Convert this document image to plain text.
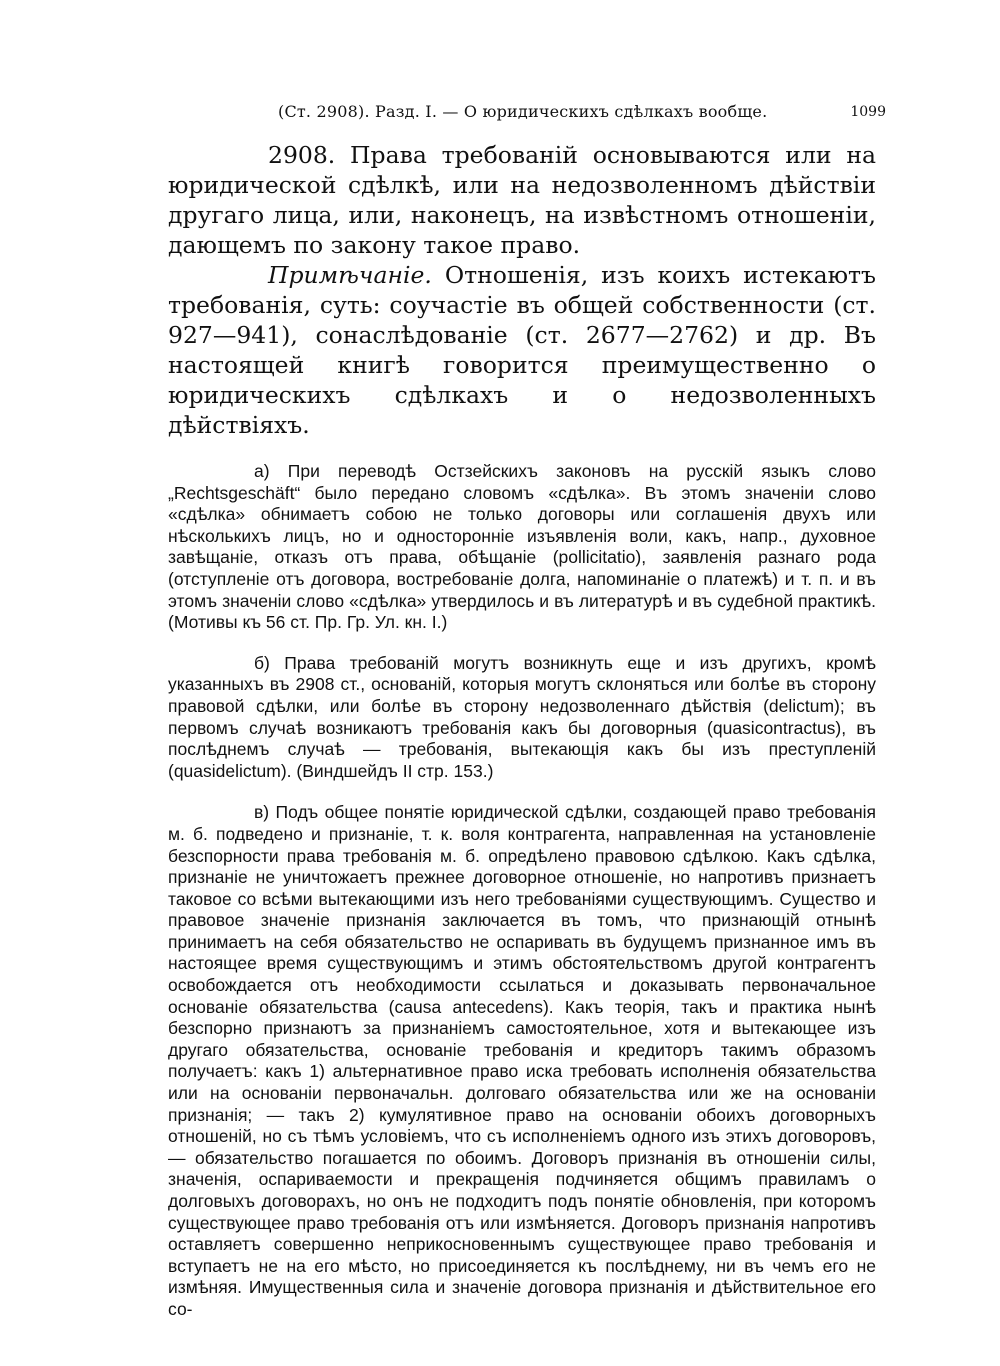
(Ст. 2908). Разд. I. — О юридическихъ сдѣлкахъ вообще.	1099

2908. Права требованій основываются или на юридической сдѣлкѣ, или на недозволенномъ дѣйствіи другаго лица, или, наконецъ, на извѣстномъ отношеніи, дающемъ по закону такое право.

Примѣчаніе. Отношенія, изъ коихъ истекаютъ требованія, суть: соучастіе въ общей собственности (ст. 927—941), сонаслѣдованіе (ст. 2677—2762) и др. Въ настоящей книгѣ говорится преимущественно о юридическихъ сдѣлкахъ и о недозволенныхъ дѣйствіяхъ.

а) При переводѣ Остзейскихъ законовъ на русскій языкъ слово „Rechtsgeschäft“ было передано словомъ «сдѣлка». Въ этомъ значеніи слово «сдѣлка» обнимаетъ собою не только договоры или соглашенія двухъ или нѣсколькихъ лицъ, но и односторонніе изъявленія воли, какъ, напр., духовное завѣщаніе, отказъ отъ права, обѣщаніе (pollicitatio), заявленія разнаго рода (отступленіе отъ договора, востребованіе долга, напоминаніе о платежѣ) и т. п. и въ этомъ значеніи слово «сдѣлка» утвердилось и въ литературѣ и въ судебной практикѣ. (Мотивы къ 56 ст. Пр. Гр. Ул. кн. I.)

б) Права требованій могутъ возникнуть еще и изъ другихъ, кромѣ указанныхъ въ 2908 ст., основаній, которыя могутъ склоняться или болѣе въ сторону правовой сдѣлки, или болѣе въ сторону недозволеннаго дѣйствія (delictum); въ первомъ случаѣ возникаютъ требованія какъ бы договорныя (quasicontractus), въ послѣднемъ случаѣ — требованія, вытекающія какъ бы изъ преступленій (quasidelictum). (Виндшейдъ II стр. 153.)

в) Подъ общее понятіе юридической сдѣлки, создающей право требованія м. б. подведено и признаніе, т. к. воля контрагента, направленная на установленіе безспорности права требованія м. б. опредѣлено правовою сдѣлкою. Какъ сдѣлка, признаніе не уничтожаетъ прежнее договорное отношеніе, но напротивъ признаетъ таковое со всѣми вытекающими изъ него требованіями существующимъ. Существо и правовое значеніе признанія заключается въ томъ, что признающій отнынѣ принимаетъ на себя обязательство не оспаривать въ будущемъ признанное имъ въ настоящее время существующимъ и этимъ обстоятельствомъ другой контрагентъ освобождается отъ необходимости ссылаться и доказывать первоначальное основаніе обязательства (causa antecedens). Какъ теорія, такъ и практика нынѣ безспорно признаютъ за признаніемъ самостоятельное, хотя и вытекающее изъ другаго обязательства, основаніе требованія и кредиторъ такимъ образомъ получаетъ: какъ 1) альтернативное право иска требовать исполненія обязательства или на основаніи первоначальн. долговаго обязательства или же на основаніи признанія; — такъ 2) кумулятивное право на основаніи обоихъ договорныхъ отношеній, но съ тѣмъ условіемъ, что съ исполненіемъ одного изъ этихъ договоровъ, — обязательство погашается по обоимъ. Договоръ признанія въ отношеніи силы, значенія, оспариваемости и прекращенія подчиняется общимъ правиламъ о долговыхъ договорахъ, но онъ не подходитъ подъ понятіе обновленія, при которомъ существующее право требованія отъ или измѣняется. Договоръ признанія напротивъ оставляетъ совершенно неприкосновеннымъ существующее право требованія и вступаетъ не на его мѣсто, но присоединяется къ послѣднему, ни въ чемъ его не измѣняя. Имущественныя сила и значеніе договора признанія и дѣйствительное его со-
